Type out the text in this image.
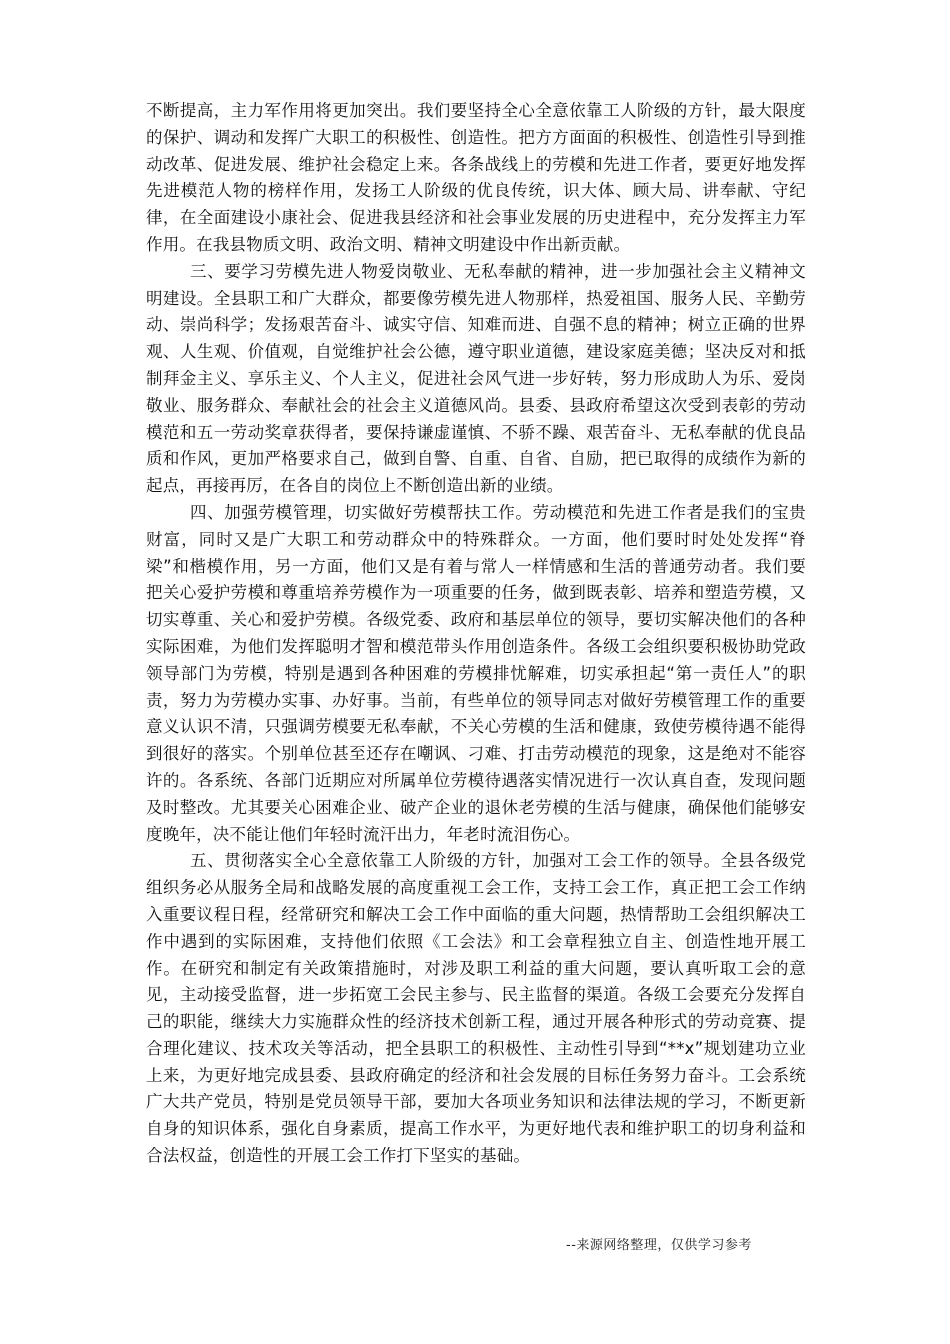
不断提高，主力军作用将更加突出。我们要坚持全心全意依靠工人阶级的方针，最大限度的保护、调动和发挥广大职工的积极性、创造性。把方方面面的积极性、创造性引导到推动改革、促进发展、维护社会稳定上来。各条战线上的劳模和先进工作者，要更好地发挥先进模范人物的榜样作用，发扬工人阶级的优良传统，识大体、顾大局、讲奉献、守纪律，在全面建设小康社会、促进我县经济和社会事业发展的历史进程中，充分发挥主力军作用。在我县物质文明、政治文明、精神文明建设中作出新贡献。

三、要学习劳模先进人物爱岗敬业、无私奉献的精神，进一步加强社会主义精神文明建设。全县职工和广大群众，都要像劳模先进人物那样，热爱祖国、服务人民、辛勤劳动、崇尚科学；发扬艰苦奋斗、诚实守信、知难而进、自强不息的精神；树立正确的世界观、人生观、价值观，自觉维护社会公德，遵守职业道德，建设家庭美德；坚决反对和抵制拜金主义、享乐主义、个人主义，促进社会风气进一步好转，努力形成助人为乐、爱岗敬业、服务群众、奉献社会的社会主义道德风尚。县委、县政府希望这次受到表彰的劳动模范和五一劳动奖章获得者，要保持谦虚谨慎、不骄不躁、艰苦奋斗、无私奉献的优良品质和作风，更加严格要求自己，做到自警、自重、自省、自励，把已取得的成绩作为新的起点，再接再厉，在各自的岗位上不断创造出新的业绩。

四、加强劳模管理，切实做好劳模帮扶工作。劳动模范和先进工作者是我们的宝贵财富，同时又是广大职工和劳动群众中的特殊群众。一方面，他们要时时处处发挥“脊梁”和楷模作用，另一方面，他们又是有着与常人一样情感和生活的普通劳动者。我们要把关心爱护劳模和尊重培养劳模作为一项重要的任务，做到既表彰、培养和塑造劳模，又切实尊重、关心和爱护劳模。各级党委、政府和基层单位的领导，要切实解决他们的各种实际困难，为他们发挥聪明才智和模范带头作用创造条件。各级工会组织要积极协助党政领导部门为劳模，特别是遇到各种困难的劳模排忧解难，切实承担起“第一责任人”的职责，努力为劳模办实事、办好事。当前，有些单位的领导同志对做好劳模管理工作的重要意义认识不清，只强调劳模要无私奉献，不关心劳模的生活和健康，致使劳模待遇不能得到很好的落实。个别单位甚至还存在嘲讽、刁难、打击劳动模范的现象，这是绝对不能容许的。各系统、各部门近期应对所属单位劳模待遇落实情况进行一次认真自查，发现问题及时整改。尤其要关心困难企业、破产企业的退休老劳模的生活与健康，确保他们能够安度晚年，决不能让他们年轻时流汗出力，年老时流泪伤心。

五、贯彻落实全心全意依靠工人阶级的方针，加强对工会工作的领导。全县各级党组织务必从服务全局和战略发展的高度重视工会工作，支持工会工作，真正把工会工作纳入重要议程日程，经常研究和解决工会工作中面临的重大问题，热情帮助工会组织解决工作中遇到的实际困难，支持他们依照《工会法》和工会章程独立自主、创造性地开展工作。在研究和制定有关政策措施时，对涉及职工利益的重大问题，要认真听取工会的意见，主动接受监督，进一步拓宽工会民主参与、民主监督的渠道。各级工会要充分发挥自己的职能，继续大力实施群众性的经济技术创新工程，通过开展各种形式的劳动竞赛、提合理化建议、技术攻关等活动，把全县职工的积极性、主动性引导到“**x”规划建功立业上来，为更好地完成县委、县政府确定的经济和社会发展的目标任务努力奋斗。工会系统广大共产党员，特别是党员领导干部，要加大各项业务知识和法律法规的学习，不断更新自身的知识体系，强化自身素质，提高工作水平，为更好地代表和维护职工的切身利益和合法权益，创造性的开展工会工作打下坚实的基础。

--来源网络整理，仅供学习参考
